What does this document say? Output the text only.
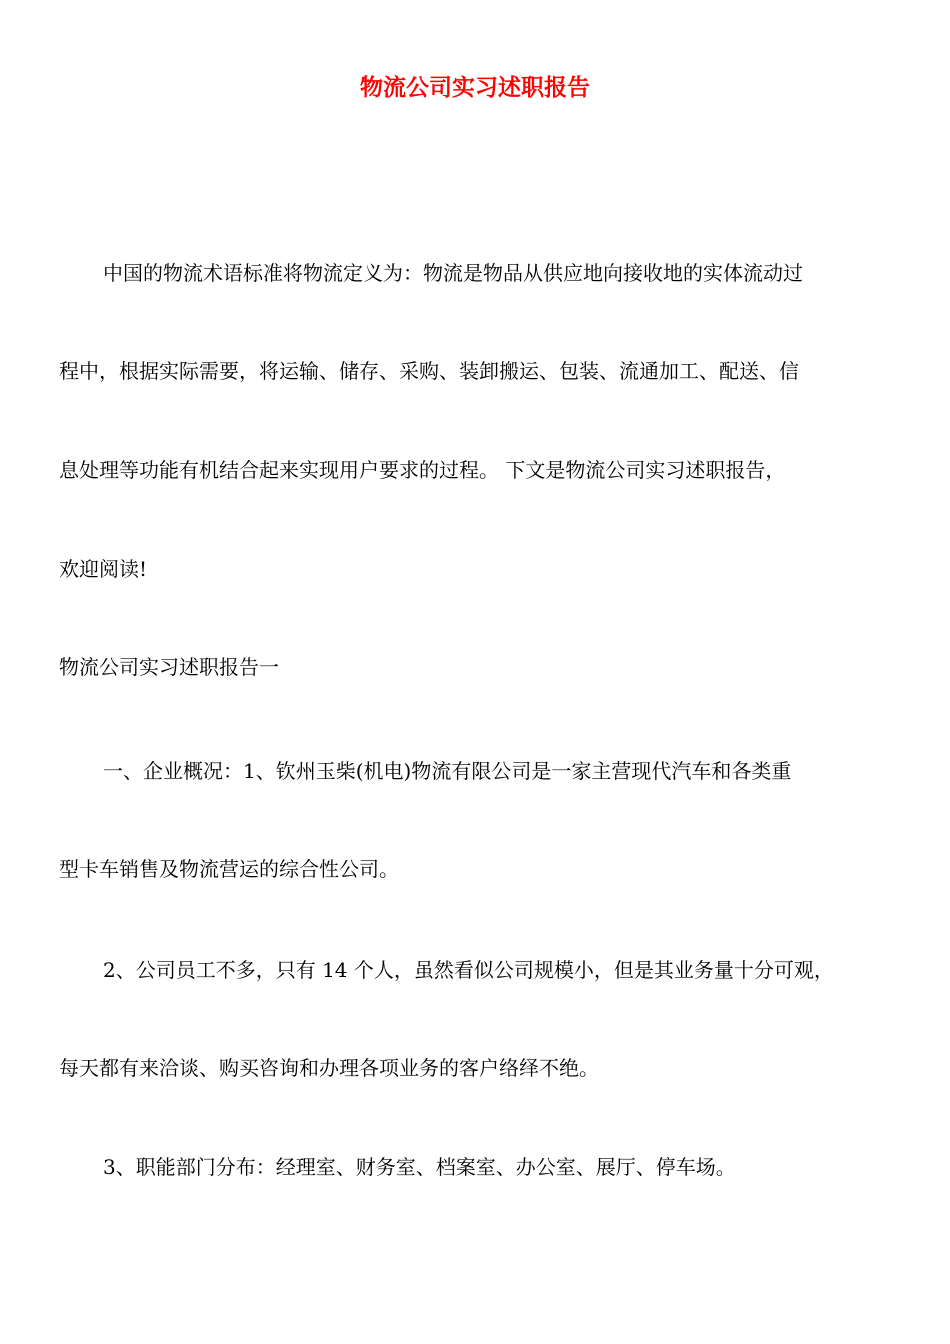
物流公司实习述职报告

中国的物流术语标准将物流定义为：物流是物品从供应地向接收地的实体流动过

程中，根据实际需要，将运输、储存、采购、装卸搬运、包装、流通加工、配送、信

息处理等功能有机结合起来实现用户要求的过程。 下文是物流公司实习述职报告，

欢迎阅读!

物流公司实习述职报告一

一、企业概况：1、钦州玉柴(机电)物流有限公司是一家主营现代汽车和各类重

型卡车销售及物流营运的综合性公司。

2、公司员工不多，只有 14 个人，虽然看似公司规模小，但是其业务量十分可观，

每天都有来洽谈、购买咨询和办理各项业务的客户络绎不绝。

3、职能部门分布：经理室、财务室、档案室、办公室、展厅、停车场。
